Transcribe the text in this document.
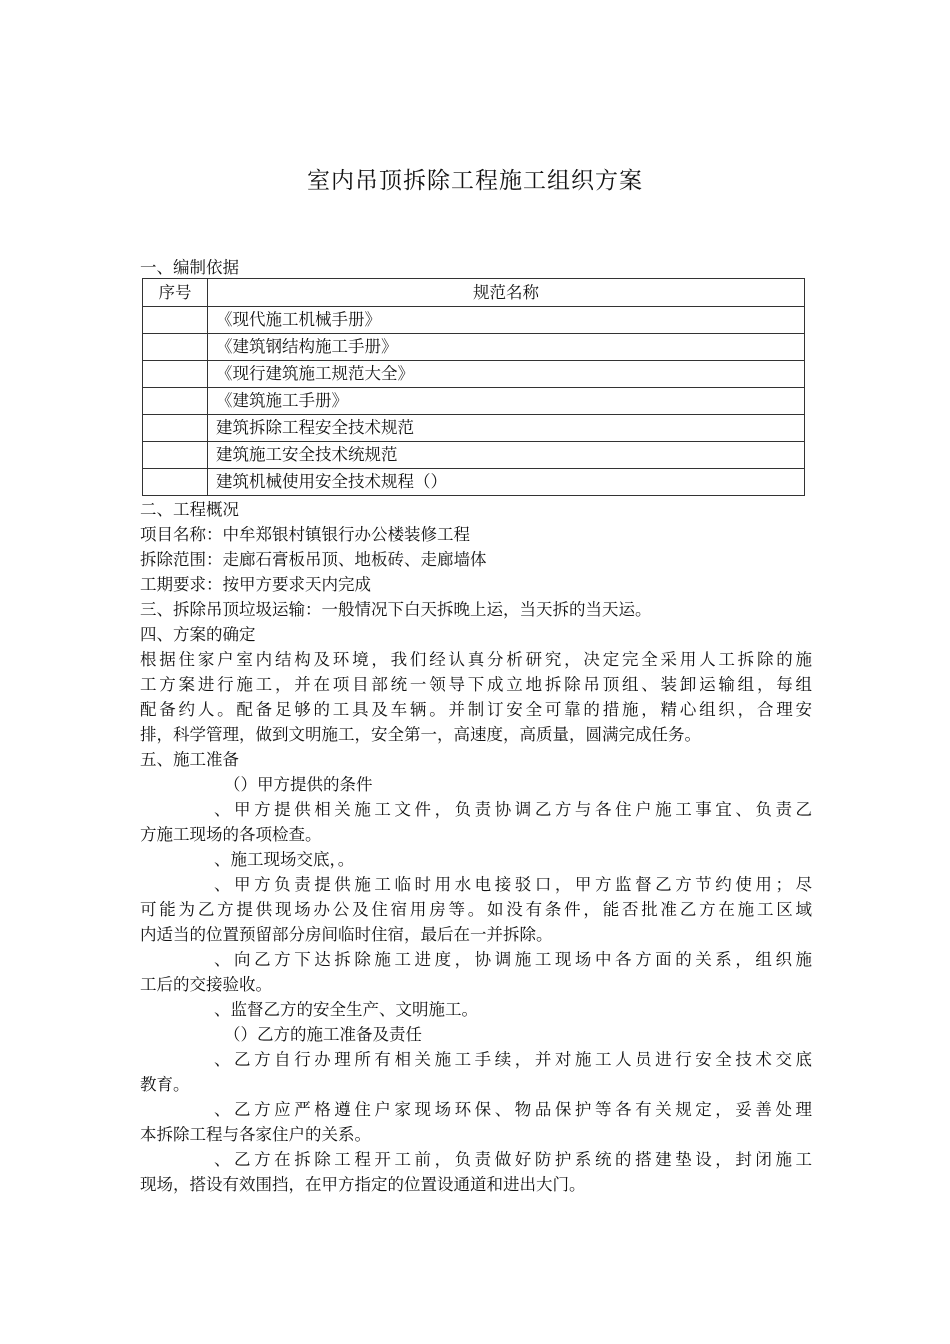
室内吊顶拆除工程施工组织方案
一、编制依据
序号	规范名称
	《现代施工机械手册》
	《建筑钢结构施工手册》
	《现行建筑施工规范大全》
	《建筑施工手册》
	建筑拆除工程安全技术规范
	建筑施工安全技术统规范
	建筑机械使用安全技术规程（）
二、工程概况
项目名称：中牟郑银村镇银行办公楼装修工程
拆除范围：走廊石膏板吊顶、地板砖、走廊墙体
工期要求：按甲方要求天内完成
三、拆除吊顶垃圾运输：一般情况下白天拆晚上运，当天拆的当天运。
四、方案的确定
根据住家户室内结构及环境，我们经认真分析研究，决定完全采用人工拆除的施
工方案进行施工，并在项目部统一领导下成立地拆除吊顶组、装卸运输组，每组
配备约人。配备足够的工具及车辆。并制订安全可靠的措施，精心组织，合理安
排，科学管理，做到文明施工，安全第一，高速度，高质量，圆满完成任务。
五、施工准备
（）甲方提供的条件
、甲方提供相关施工文件，负责协调乙方与各住户施工事宜、负责乙
方施工现场的各项检查。
、施工现场交底，。
、甲方负责提供施工临时用水电接驳口，甲方监督乙方节约使用；尽
可能为乙方提供现场办公及住宿用房等。如没有条件，能否批准乙方在施工区域
内适当的位置预留部分房间临时住宿，最后在一并拆除。
、向乙方下达拆除施工进度，协调施工现场中各方面的关系，组织施
工后的交接验收。
、监督乙方的安全生产、文明施工。
（）乙方的施工准备及责任
、乙方自行办理所有相关施工手续，并对施工人员进行安全技术交底
教育。
、乙方应严格遵住户家现场环保、物品保护等各有关规定，妥善处理
本拆除工程与各家住户的关系。
、乙方在拆除工程开工前，负责做好防护系统的搭建垫设，封闭施工
现场，搭设有效围挡，在甲方指定的位置设通道和进出大门。
